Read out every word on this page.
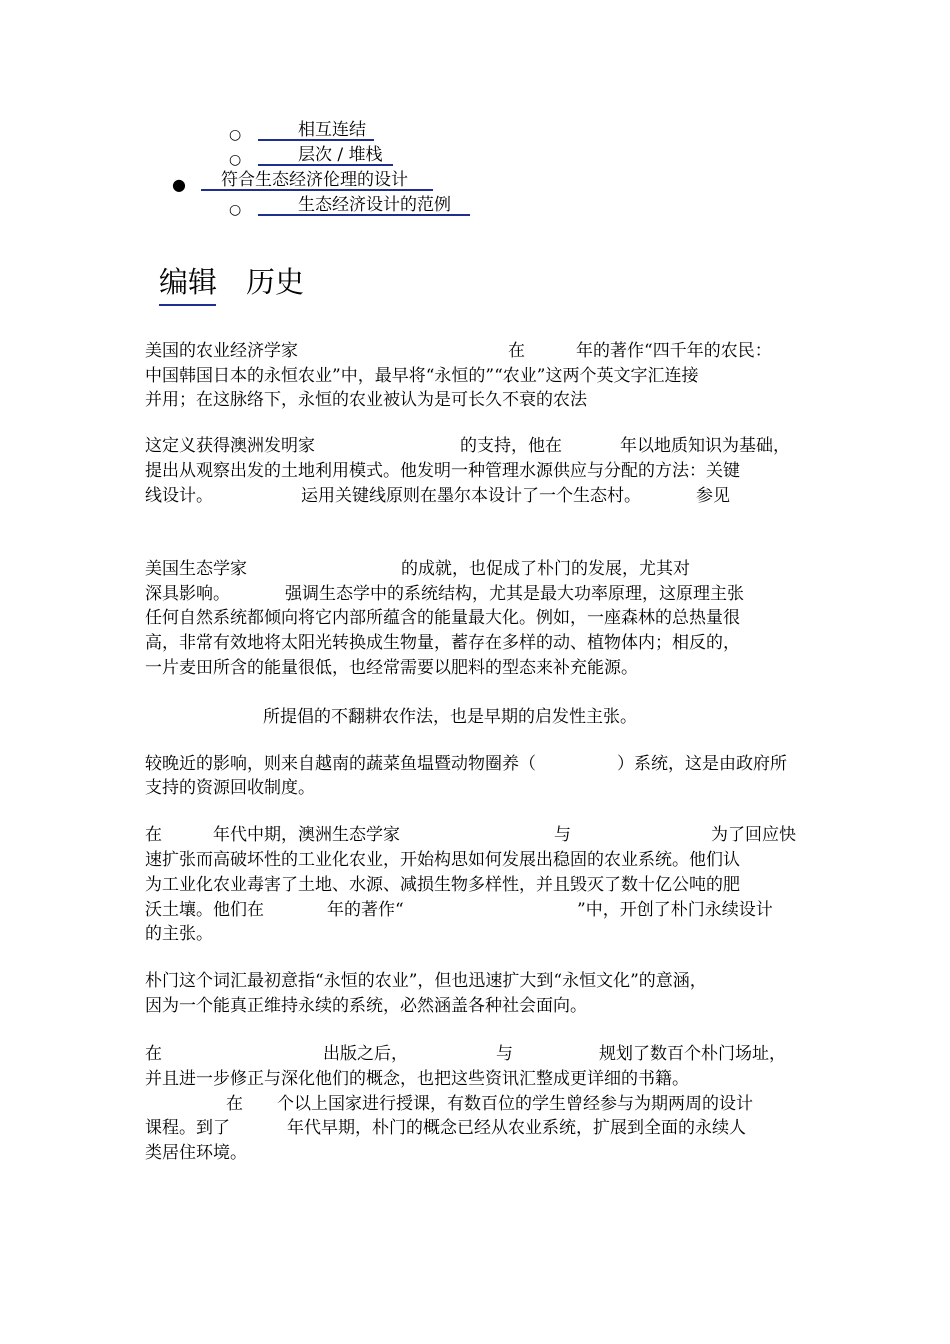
○	相互连结
○	层次 / 堆栈
● 符合生态经济伦理的设计
○	生态经济设计的范例
编辑 历史
美国的农业经济学家	在	年的著作“四千年的农民：
中国韩国日本的永恒农业”中，最早将“永恒的”“农业”这两个英文字汇连接
并用；在这脉络下，永恒的农业被认为是可长久不衰的农法
这定义获得澳洲发明家	的支持，他在	年以地质知识为基础，
提出从观察出发的土地利用模式。他发明一种管理水源供应与分配的方法：关键
线设计。	运用关键线原则在墨尔本设计了一个生态村。	参见
美国生态学家	的成就，也促成了朴门的发展，尤其对
深具影响。	强调生态学中的系统结构，尤其是最大功率原理，这原理主张
任何自然系统都倾向将它内部所蕴含的能量最大化。例如，一座森林的总热量很
高，非常有效地将太阳光转换成生物量，蓄存在多样的动、植物体内；相反的，
一片麦田所含的能量很低，也经常需要以肥料的型态来补充能源。
所提倡的不翻耕农作法，也是早期的启发性主张。
较晚近的影响，则来自越南的蔬菜鱼塭暨动物圈养（	）系统，这是由政府所
支持的资源回收制度。
在	年代中期，澳洲生态学家	与	为了回应快
速扩张而高破坏性的工业化农业，开始构思如何发展出稳固的农业系统。他们认
为工业化农业毒害了土地、水源、减损生物多样性，并且毁灭了数十亿公吨的肥
沃土壤。他们在	年的著作“	”中，开创了朴门永续设计
的主张。
朴门这个词汇最初意指“永恒的农业”，但也迅速扩大到“永恒文化”的意涵，
因为一个能真正维持永续的系统，必然涵盖各种社会面向。
在	出版之后，	与	规划了数百个朴门场址，
并且进一步修正与深化他们的概念，也把这些资讯汇整成更详细的书籍。
在 个以上国家进行授课，有数百位的学生曾经参与为期两周的设计
课程。到了	年代早期，朴门的概念已经从农业系统，扩展到全面的永续人
类居住环境。
